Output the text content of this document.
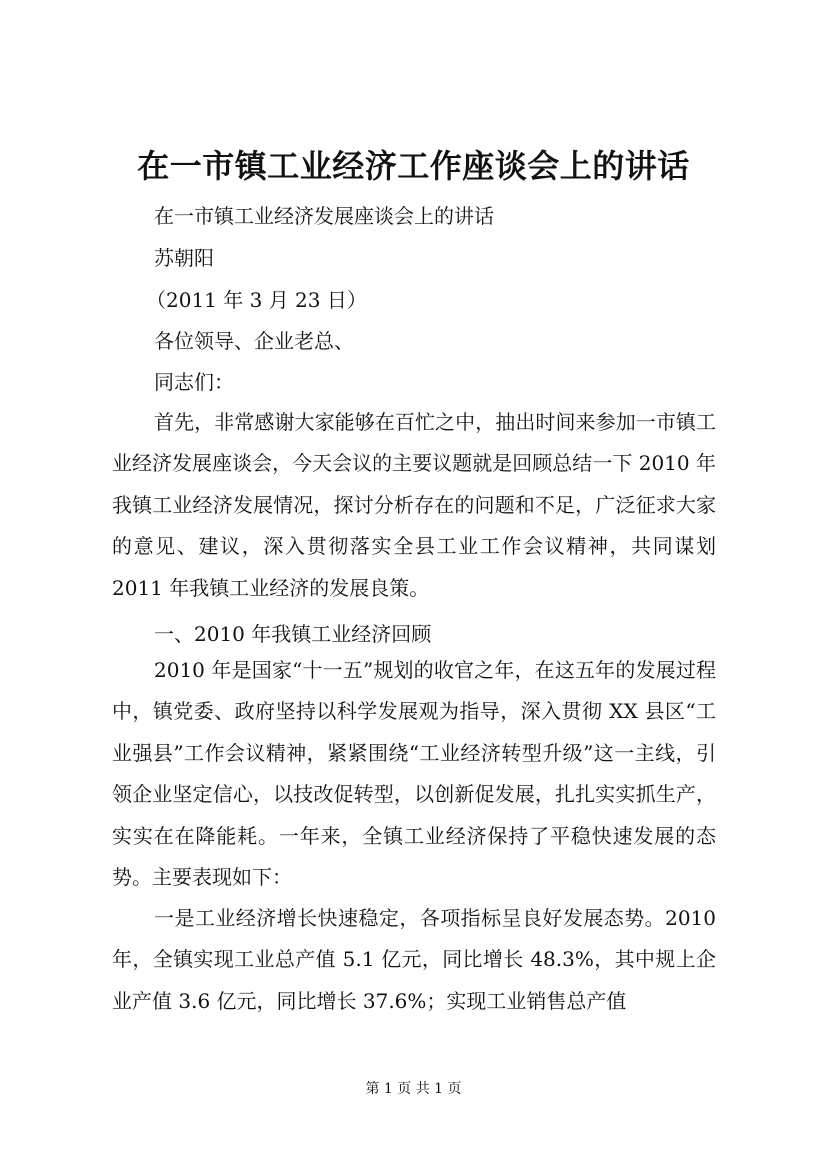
在一市镇工业经济工作座谈会上的讲话
在一市镇工业经济发展座谈会上的讲话
苏朝阳
（2011 年 3 月 23 日）
各位领导、企业老总、
同志们：

首先，非常感谢大家能够在百忙之中，抽出时间来参加一市镇工业经济发展座谈会，今天会议的主要议题就是回顾总结一下 2010 年我镇工业经济发展情况，探讨分析存在的问题和不足，广泛征求大家的意见、建议，深入贯彻落实全县工业工作会议精神，共同谋划 2011 年我镇工业经济的发展良策。

一、2010 年我镇工业经济回顾

2010 年是国家“十一五”规划的收官之年，在这五年的发展过程中，镇党委、政府坚持以科学发展观为指导，深入贯彻 XX 县区“工业强县”工作会议精神，紧紧围绕“工业经济转型升级”这一主线，引领企业坚定信心，以技改促转型，以创新促发展，扎扎实实抓生产，实实在在降能耗。一年来，全镇工业经济保持了平稳快速发展的态势。主要表现如下：

一是工业经济增长快速稳定，各项指标呈良好发展态势。2010 年，全镇实现工业总产值 5.1 亿元，同比增长 48.3%，其中规上企业产值 3.6 亿元，同比增长 37.6%；实现工业销售总产值

第 1 页 共 1 页
